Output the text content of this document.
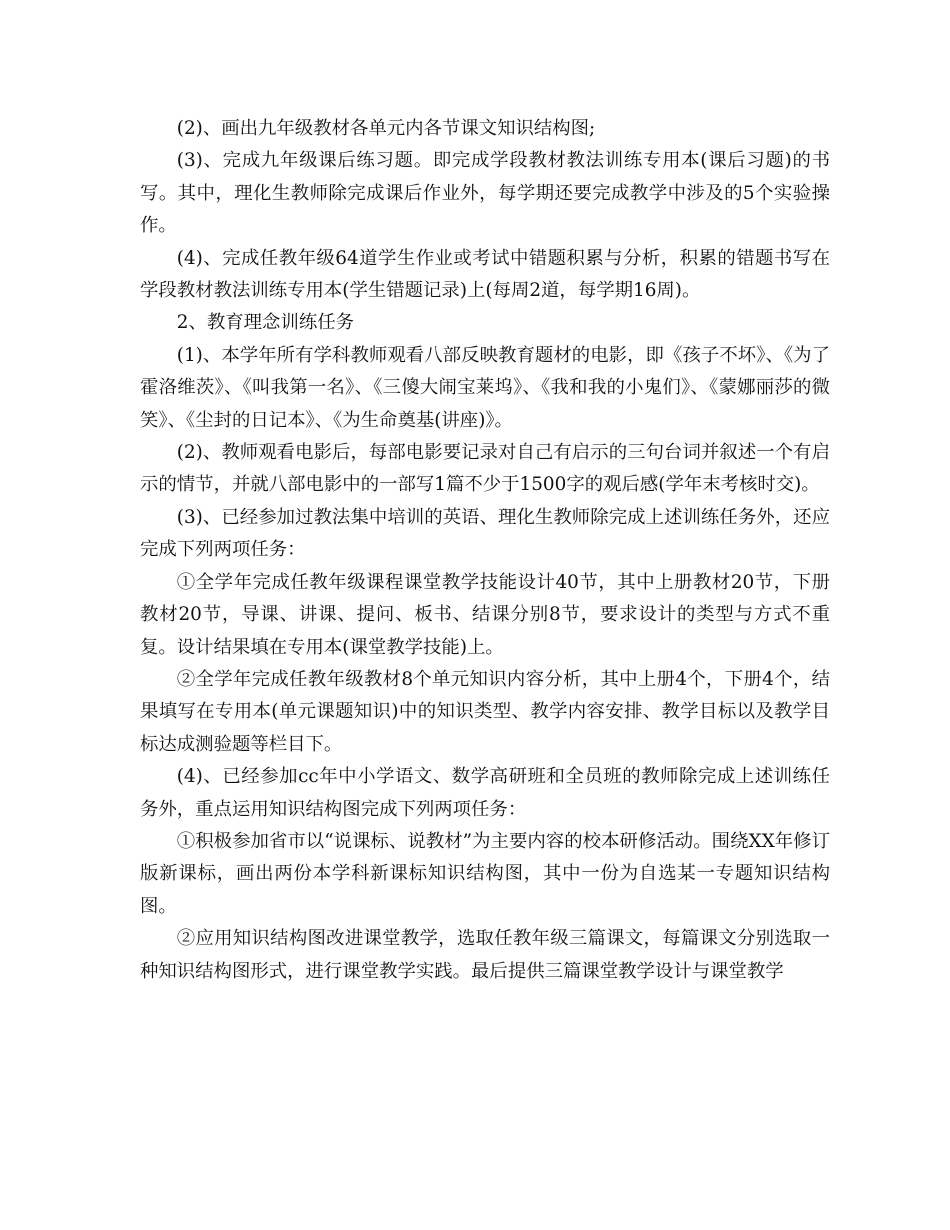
(2)、画出九年级教材各单元内各节课文知识结构图;

(3)、完成九年级课后练习题。即完成学段教材教法训练专用本(课后习题)的书写。其中，理化生教师除完成课后作业外，每学期还要完成教学中涉及的5个实验操作。

(4)、完成任教年级64道学生作业或考试中错题积累与分析，积累的错题书写在学段教材教法训练专用本(学生错题记录)上(每周2道，每学期16周)。

2、教育理念训练任务

(1)、本学年所有学科教师观看八部反映教育题材的电影，即《孩子不坏》、《为了霍洛维茨》、《叫我第一名》、《三傻大闹宝莱坞》、《我和我的小鬼们》、《蒙娜丽莎的微笑》、《尘封的日记本》、《为生命奠基(讲座)》。

(2)、教师观看电影后，每部电影要记录对自己有启示的三句台词并叙述一个有启示的情节，并就八部电影中的一部写1篇不少于1500字的观后感(学年末考核时交)。

(3)、已经参加过教法集中培训的英语、理化生教师除完成上述训练任务外，还应完成下列两项任务：

①全学年完成任教年级课程课堂教学技能设计40节，其中上册教材20节，下册教材20节，导课、讲课、提问、板书、结课分别8节，要求设计的类型与方式不重复。设计结果填在专用本(课堂教学技能)上。

②全学年完成任教年级教材8个单元知识内容分析，其中上册4个，下册4个，结果填写在专用本(单元课题知识)中的知识类型、教学内容安排、教学目标以及教学目标达成测验题等栏目下。

(4)、已经参加cc年中小学语文、数学高研班和全员班的教师除完成上述训练任务外，重点运用知识结构图完成下列两项任务：

①积极参加省市以“说课标、说教材”为主要内容的校本研修活动。围绕XX年修订版新课标，画出两份本学科新课标知识结构图，其中一份为自选某一专题知识结构图。

②应用知识结构图改进课堂教学，选取任教年级三篇课文，每篇课文分别选取一种知识结构图形式，进行课堂教学实践。最后提供三篇课堂教学设计与课堂教学
